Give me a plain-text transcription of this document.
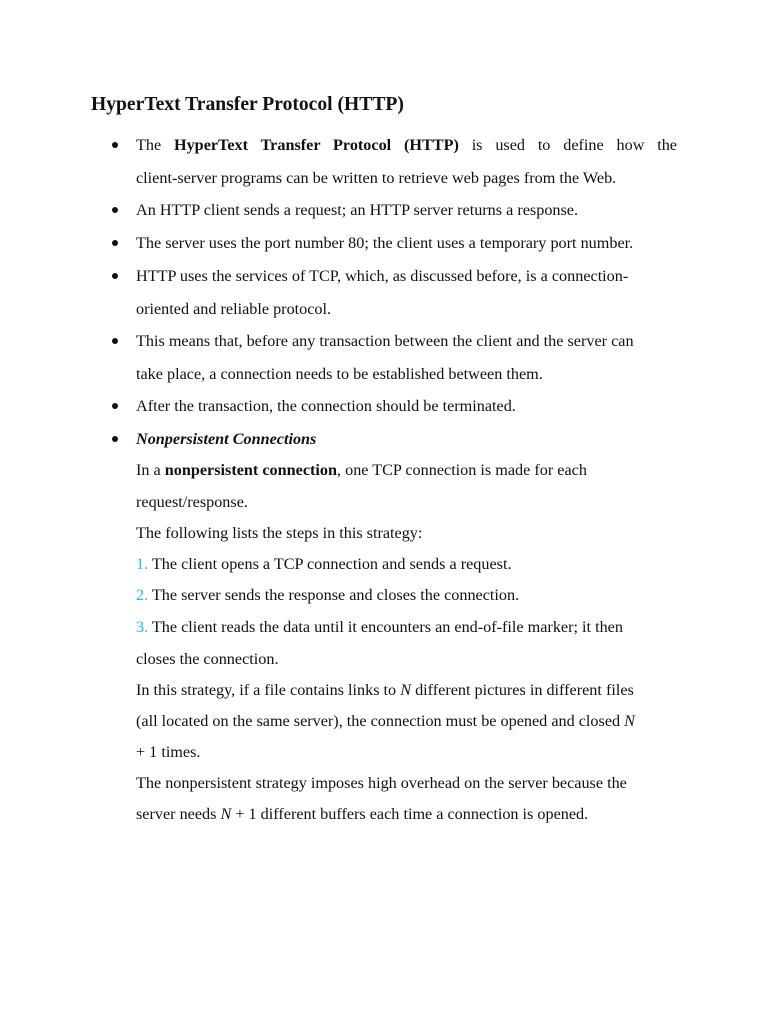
HyperText Transfer Protocol (HTTP)
The HyperText Transfer Protocol (HTTP) is used to define how the
client-server programs can be written to retrieve web pages from the Web.
An HTTP client sends a request; an HTTP server returns a response.
The server uses the port number 80; the client uses a temporary port number.
HTTP uses the services of TCP, which, as discussed before, is a connection-
oriented and reliable protocol.
This means that, before any transaction between the client and the server can
take place, a connection needs to be established between them.
After the transaction, the connection should be terminated.
Nonpersistent Connections
In a nonpersistent connection, one TCP connection is made for each
request/response.
The following lists the steps in this strategy:
1. The client opens a TCP connection and sends a request.
2. The server sends the response and closes the connection.
3. The client reads the data until it encounters an end-of-file marker; it then
closes the connection.
In this strategy, if a file contains links to N different pictures in different files
(all located on the same server), the connection must be opened and closed N
+ 1 times.
The nonpersistent strategy imposes high overhead on the server because the
server needs N + 1 different buffers each time a connection is opened.
